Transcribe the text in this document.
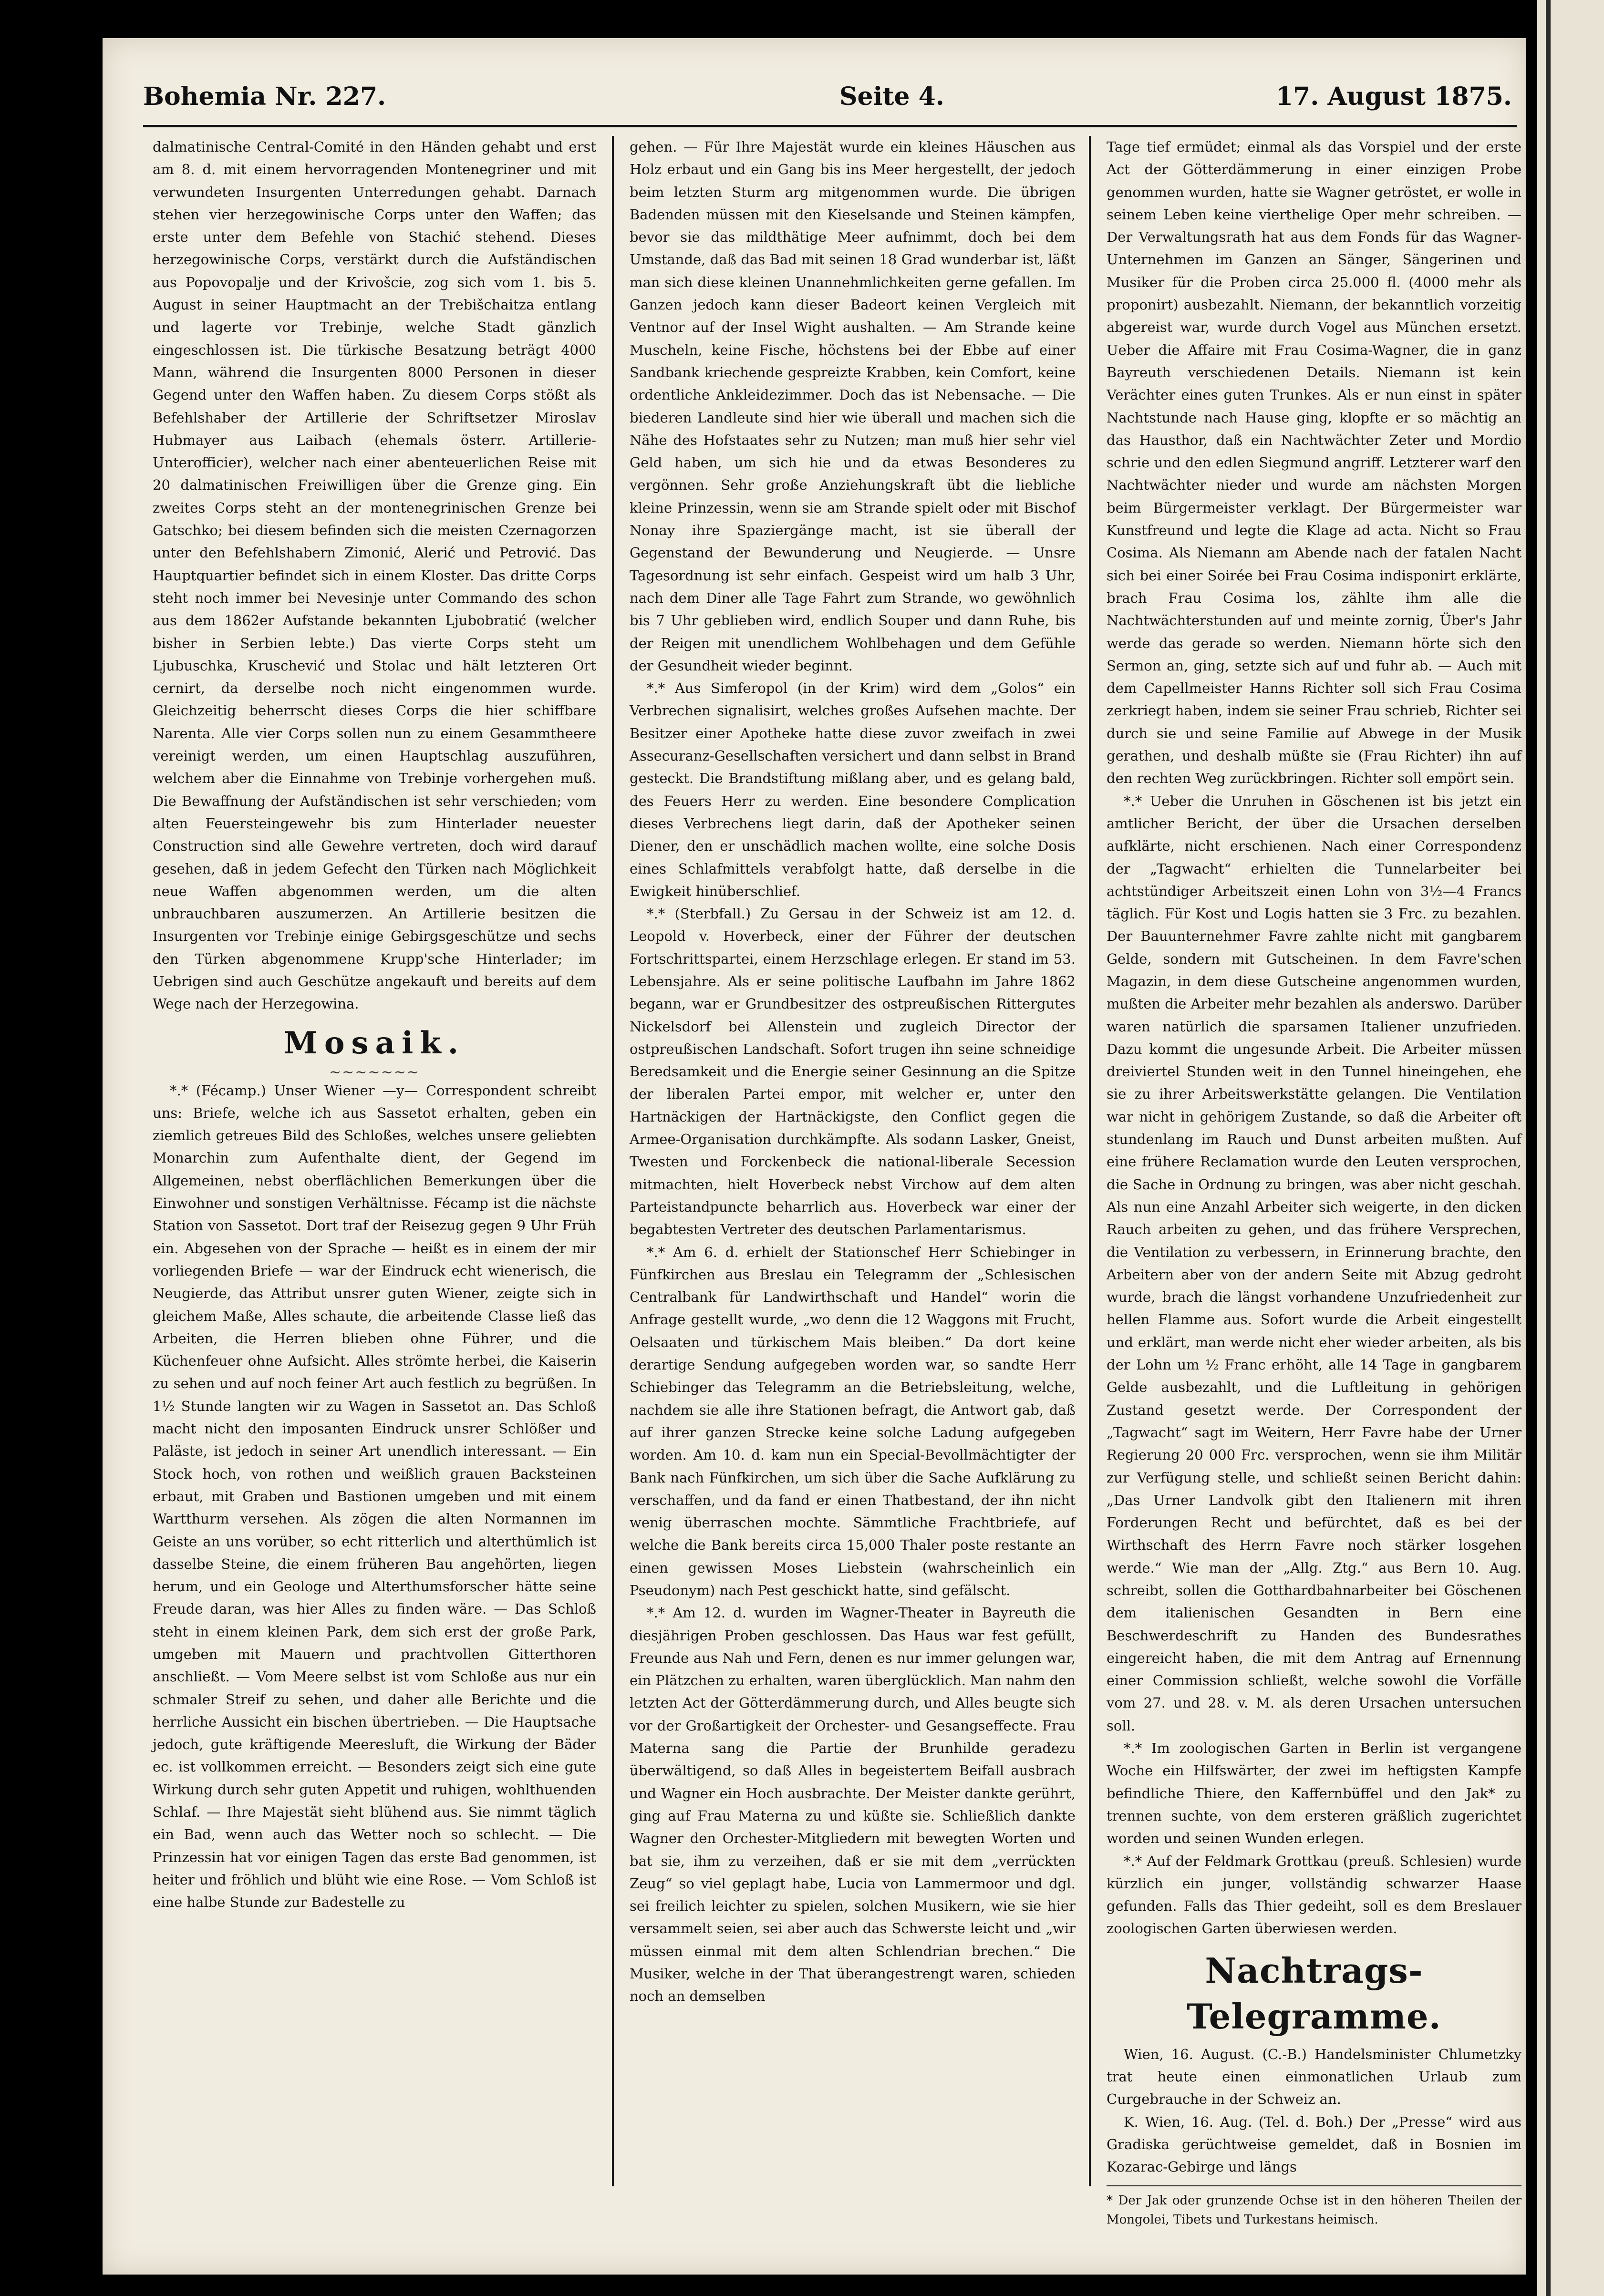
Bohemia Nr. 227.	Seite 4.	17. August 1875.

dalmatinische Central-Comité in den Händen gehabt und erst am 8. d. mit einem hervorragenden Montenegriner und mit verwundeten Insurgenten Unterredungen gehabt. Darnach stehen vier herzegowinische Corps unter den Waffen; das erste unter dem Befehle von Stachić stehend. Dieses herzegowinische Corps, verstärkt durch die Aufständischen aus Popovopalje und der Krivošcie, zog sich vom 1. bis 5. August in seiner Hauptmacht an der Trebišchaitza entlang und lagerte vor Trebinje, welche Stadt gänzlich eingeschlossen ist. Die türkische Besatzung beträgt 4000 Mann, während die Insurgenten 8000 Personen in dieser Gegend unter den Waffen haben. Zu diesem Corps stößt als Befehlshaber der Artillerie der Schriftsetzer Miroslav Hubmayer aus Laibach (ehemals österr. Artillerie-Unterofficier), welcher nach einer abenteuerlichen Reise mit 20 dalmatinischen Freiwilligen über die Grenze ging. Ein zweites Corps steht an der montenegrinischen Grenze bei Gatschko; bei diesem befinden sich die meisten Czernagorzen unter den Befehlshabern Zimonić, Alerić und Petrović. Das Hauptquartier befindet sich in einem Kloster. Das dritte Corps steht noch immer bei Nevesinje unter Commando des schon aus dem 1862er Aufstande bekannten Ljubobratić (welcher bisher in Serbien lebte.) Das vierte Corps steht um Ljubuschka, Kruschević und Stolac und hält letzteren Ort cernirt, da derselbe noch nicht eingenommen wurde. Gleichzeitig beherrscht dieses Corps die hier schiffbare Narenta. Alle vier Corps sollen nun zu einem Gesammtheere vereinigt werden, um einen Hauptschlag auszuführen, welchem aber die Einnahme von Trebinje vorhergehen muß. Die Bewaffnung der Aufständischen ist sehr verschieden; vom alten Feuersteingewehr bis zum Hinterlader neuester Construction sind alle Gewehre vertreten, doch wird darauf gesehen, daß in jedem Gefecht den Türken nach Möglichkeit neue Waffen abgenommen werden, um die alten unbrauchbaren auszumerzen. An Artillerie besitzen die Insurgenten vor Trebinje einige Gebirgsgeschütze und sechs den Türken abgenommene Krupp'sche Hinterlader; im Uebrigen sind auch Geschütze angekauft und bereits auf dem Wege nach der Herzegowina.

Mosaik.
~~~~~~~

*.* (Fécamp.) Unser Wiener —y— Correspondent schreibt uns: Briefe, welche ich aus Sassetot erhalten, geben ein ziemlich getreues Bild des Schloßes, welches unsere geliebten Monarchin zum Aufenthalte dient, der Gegend im Allgemeinen, nebst oberflächlichen Bemerkungen über die Einwohner und sonstigen Verhältnisse. Fécamp ist die nächste Station von Sassetot. Dort traf der Reisezug gegen 9 Uhr Früh ein. Abgesehen von der Sprache — heißt es in einem der mir vorliegenden Briefe — war der Eindruck echt wienerisch, die Neugierde, das Attribut unsrer guten Wiener, zeigte sich in gleichem Maße, Alles schaute, die arbeitende Classe ließ das Arbeiten, die Herren blieben ohne Führer, und die Küchenfeuer ohne Aufsicht. Alles strömte herbei, die Kaiserin zu sehen und auf noch feiner Art auch festlich zu begrüßen. In 1½ Stunde langten wir zu Wagen in Sassetot an. Das Schloß macht nicht den imposanten Eindruck unsrer Schlößer und Paläste, ist jedoch in seiner Art unendlich interessant. — Ein Stock hoch, von rothen und weißlich grauen Backsteinen erbaut, mit Graben und Bastionen umgeben und mit einem Wartthurm versehen. Als zögen die alten Normannen im Geiste an uns vorüber, so echt ritterlich und alterthümlich ist dasselbe Steine, die einem früheren Bau angehörten, liegen herum, und ein Geologe und Alterthumsforscher hätte seine Freude daran, was hier Alles zu finden wäre. — Das Schloß steht in einem kleinen Park, dem sich erst der große Park, umgeben mit Mauern und prachtvollen Gitterthoren anschließt. — Vom Meere selbst ist vom Schloße aus nur ein schmaler Streif zu sehen, und daher alle Berichte und die herrliche Aussicht ein bischen übertrieben. — Die Hauptsache jedoch, gute kräftigende Meeresluft, die Wirkung der Bäder ec. ist vollkommen erreicht. — Besonders zeigt sich eine gute Wirkung durch sehr guten Appetit und ruhigen, wohlthuenden Schlaf. — Ihre Majestät sieht blühend aus. Sie nimmt täglich ein Bad, wenn auch das Wetter noch so schlecht. — Die Prinzessin hat vor einigen Tagen das erste Bad genommen, ist heiter und fröhlich und blüht wie eine Rose. — Vom Schloß ist eine halbe Stunde zur Badestelle zu

gehen. — Für Ihre Majestät wurde ein kleines Häuschen aus Holz erbaut und ein Gang bis ins Meer hergestellt, der jedoch beim letzten Sturm arg mitgenommen wurde. Die übrigen Badenden müssen mit den Kieselsande und Steinen kämpfen, bevor sie das mildthätige Meer aufnimmt, doch bei dem Umstande, daß das Bad mit seinen 18 Grad wunderbar ist, läßt man sich diese kleinen Unannehmlichkeiten gerne gefallen. Im Ganzen jedoch kann dieser Badeort keinen Vergleich mit Ventnor auf der Insel Wight aushalten. — Am Strande keine Muscheln, keine Fische, höchstens bei der Ebbe auf einer Sandbank kriechende gespreizte Krabben, kein Comfort, keine ordentliche Ankleidezimmer. Doch das ist Nebensache. — Die biederen Landleute sind hier wie überall und machen sich die Nähe des Hofstaates sehr zu Nutzen; man muß hier sehr viel Geld haben, um sich hie und da etwas Besonderes zu vergönnen. Sehr große Anziehungskraft übt die liebliche kleine Prinzessin, wenn sie am Strande spielt oder mit Bischof Nonay ihre Spaziergänge macht, ist sie überall der Gegenstand der Bewunderung und Neugierde. — Unsre Tagesordnung ist sehr einfach. Gespeist wird um halb 3 Uhr, nach dem Diner alle Tage Fahrt zum Strande, wo gewöhnlich bis 7 Uhr geblieben wird, endlich Souper und dann Ruhe, bis der Reigen mit unendlichem Wohlbehagen und dem Gefühle der Gesundheit wieder beginnt.

*.* Aus Simferopol (in der Krim) wird dem „Golos“ ein Verbrechen signalisirt, welches großes Aufsehen machte. Der Besitzer einer Apotheke hatte diese zuvor zweifach in zwei Assecuranz-Gesellschaften versichert und dann selbst in Brand gesteckt. Die Brandstiftung mißlang aber, und es gelang bald, des Feuers Herr zu werden. Eine besondere Complication dieses Verbrechens liegt darin, daß der Apotheker seinen Diener, den er unschädlich machen wollte, eine solche Dosis eines Schlafmittels verabfolgt hatte, daß derselbe in die Ewigkeit hinüberschlief.

*.* (Sterbfall.) Zu Gersau in der Schweiz ist am 12. d. Leopold v. Hoverbeck, einer der Führer der deutschen Fortschrittspartei, einem Herzschlage erlegen. Er stand im 53. Lebensjahre. Als er seine politische Laufbahn im Jahre 1862 begann, war er Grundbesitzer des ostpreußischen Rittergutes Nickelsdorf bei Allenstein und zugleich Director der ostpreußischen Landschaft. Sofort trugen ihn seine schneidige Beredsamkeit und die Energie seiner Gesinnung an die Spitze der liberalen Partei empor, mit welcher er, unter den Hartnäckigen der Hartnäckigste, den Conflict gegen die Armee-Organisation durchkämpfte. Als sodann Lasker, Gneist, Twesten und Forckenbeck die national-liberale Secession mitmachten, hielt Hoverbeck nebst Virchow auf dem alten Parteistandpuncte beharrlich aus. Hoverbeck war einer der begabtesten Vertreter des deutschen Parlamentarismus.

*.* Am 6. d. erhielt der Stationschef Herr Schiebinger in Fünfkirchen aus Breslau ein Telegramm der „Schlesischen Centralbank für Landwirthschaft und Handel“ worin die Anfrage gestellt wurde, „wo denn die 12 Waggons mit Frucht, Oelsaaten und türkischem Mais bleiben.“ Da dort keine derartige Sendung aufgegeben worden war, so sandte Herr Schiebinger das Telegramm an die Betriebsleitung, welche, nachdem sie alle ihre Stationen befragt, die Antwort gab, daß auf ihrer ganzen Strecke keine solche Ladung aufgegeben worden. Am 10. d. kam nun ein Special-Bevollmächtigter der Bank nach Fünfkirchen, um sich über die Sache Aufklärung zu verschaffen, und da fand er einen Thatbestand, der ihn nicht wenig überraschen mochte. Sämmtliche Frachtbriefe, auf welche die Bank bereits circa 15,000 Thaler poste restante an einen gewissen Moses Liebstein (wahrscheinlich ein Pseudonym) nach Pest geschickt hatte, sind gefälscht.

*.* Am 12. d. wurden im Wagner-Theater in Bayreuth die diesjährigen Proben geschlossen. Das Haus war fest gefüllt, Freunde aus Nah und Fern, denen es nur immer gelungen war, ein Plätzchen zu erhalten, waren überglücklich. Man nahm den letzten Act der Götterdämmerung durch, und Alles beugte sich vor der Großartigkeit der Orchester- und Gesangseffecte. Frau Materna sang die Partie der Brunhilde geradezu überwältigend, so daß Alles in begeistertem Beifall ausbrach und Wagner ein Hoch ausbrachte. Der Meister dankte gerührt, ging auf Frau Materna zu und küßte sie. Schließlich dankte Wagner den Orchester-Mitgliedern mit bewegten Worten und bat sie, ihm zu verzeihen, daß er sie mit dem „verrückten Zeug“ so viel geplagt habe, Lucia von Lammermoor und dgl. sei freilich leichter zu spielen, solchen Musikern, wie sie hier versammelt seien, sei aber auch das Schwerste leicht und „wir müssen einmal mit dem alten Schlendrian brechen.“ Die Musiker, welche in der That überangestrengt waren, schieden noch an demselben

Tage tief ermüdet; einmal als das Vorspiel und der erste Act der Götterdämmerung in einer einzigen Probe genommen wurden, hatte sie Wagner getröstet, er wolle in seinem Leben keine vierthelige Oper mehr schreiben. — Der Verwaltungsrath hat aus dem Fonds für das Wagner-Unternehmen im Ganzen an Sänger, Sängerinen und Musiker für die Proben circa 25.000 fl. (4000 mehr als proponirt) ausbezahlt. Niemann, der bekanntlich vorzeitig abgereist war, wurde durch Vogel aus München ersetzt. Ueber die Affaire mit Frau Cosima-Wagner, die in ganz Bayreuth verschiedenen Details. Niemann ist kein Verächter eines guten Trunkes. Als er nun einst in später Nachtstunde nach Hause ging, klopfte er so mächtig an das Hausthor, daß ein Nachtwächter Zeter und Mordio schrie und den edlen Siegmund angriff. Letzterer warf den Nachtwächter nieder und wurde am nächsten Morgen beim Bürgermeister verklagt. Der Bürgermeister war Kunstfreund und legte die Klage ad acta. Nicht so Frau Cosima. Als Niemann am Abende nach der fatalen Nacht sich bei einer Soirée bei Frau Cosima indisponirt erklärte, brach Frau Cosima los, zählte ihm alle die Nachtwächterstunden auf und meinte zornig, Über's Jahr werde das gerade so werden. Niemann hörte sich den Sermon an, ging, setzte sich auf und fuhr ab. — Auch mit dem Capellmeister Hanns Richter soll sich Frau Cosima zerkriegt haben, indem sie seiner Frau schrieb, Richter sei durch sie und seine Familie auf Abwege in der Musik gerathen, und deshalb müßte sie (Frau Richter) ihn auf den rechten Weg zurückbringen. Richter soll empört sein.

*.* Ueber die Unruhen in Göschenen ist bis jetzt ein amtlicher Bericht, der über die Ursachen derselben aufklärte, nicht erschienen. Nach einer Correspondenz der „Tagwacht“ erhielten die Tunnelarbeiter bei achtstündiger Arbeitszeit einen Lohn von 3½—4 Francs täglich. Für Kost und Logis hatten sie 3 Frc. zu bezahlen. Der Bauunternehmer Favre zahlte nicht mit gangbarem Gelde, sondern mit Gutscheinen. In dem Favre'schen Magazin, in dem diese Gutscheine angenommen wurden, mußten die Arbeiter mehr bezahlen als anderswo. Darüber waren natürlich die sparsamen Italiener unzufrieden. Dazu kommt die ungesunde Arbeit. Die Arbeiter müssen dreiviertel Stunden weit in den Tunnel hineingehen, ehe sie zu ihrer Arbeitswerkstätte gelangen. Die Ventilation war nicht in gehörigem Zustande, so daß die Arbeiter oft stundenlang im Rauch und Dunst arbeiten mußten. Auf eine frühere Reclamation wurde den Leuten versprochen, die Sache in Ordnung zu bringen, was aber nicht geschah. Als nun eine Anzahl Arbeiter sich weigerte, in den dicken Rauch arbeiten zu gehen, und das frühere Versprechen, die Ventilation zu verbessern, in Erinnerung brachte, den Arbeitern aber von der andern Seite mit Abzug gedroht wurde, brach die längst vorhandene Unzufriedenheit zur hellen Flamme aus. Sofort wurde die Arbeit eingestellt und erklärt, man werde nicht eher wieder arbeiten, als bis der Lohn um ½ Franc erhöht, alle 14 Tage in gangbarem Gelde ausbezahlt, und die Luftleitung in gehörigen Zustand gesetzt werde. Der Correspondent der „Tagwacht“ sagt im Weitern, Herr Favre habe der Urner Regierung 20 000 Frc. versprochen, wenn sie ihm Militär zur Verfügung stelle, und schließt seinen Bericht dahin: „Das Urner Landvolk gibt den Italienern mit ihren Forderungen Recht und befürchtet, daß es bei der Wirthschaft des Herrn Favre noch stärker losgehen werde.“ Wie man der „Allg. Ztg.“ aus Bern 10. Aug. schreibt, sollen die Gotthardbahnarbeiter bei Göschenen dem italienischen Gesandten in Bern eine Beschwerdeschrift zu Handen des Bundesrathes eingereicht haben, die mit dem Antrag auf Ernennung einer Commission schließt, welche sowohl die Vorfälle vom 27. und 28. v. M. als deren Ursachen untersuchen soll.

*.* Im zoologischen Garten in Berlin ist vergangene Woche ein Hilfswärter, der zwei im heftigsten Kampfe befindliche Thiere, den Kaffernbüffel und den Jak* zu trennen suchte, von dem ersteren gräßlich zugerichtet worden und seinen Wunden erlegen.

*.* Auf der Feldmark Grottkau (preuß. Schlesien) wurde kürzlich ein junger, vollständig schwarzer Haase gefunden. Falls das Thier gedeiht, soll es dem Breslauer zoologischen Garten überwiesen werden.

Nachtrags-Telegramme.

Wien, 16. August. (C.-B.) Handelsminister Chlumetzky trat heute einen einmonatlichen Urlaub zum Curgebrauche in der Schweiz an.

K. Wien, 16. Aug. (Tel. d. Boh.) Der „Presse“ wird aus Gradiska gerüchtweise gemeldet, daß in Bosnien im Kozarac-Gebirge und längs

* Der Jak oder grunzende Ochse ist in den höheren Theilen der Mongolei, Tibets und Turkestans heimisch.
